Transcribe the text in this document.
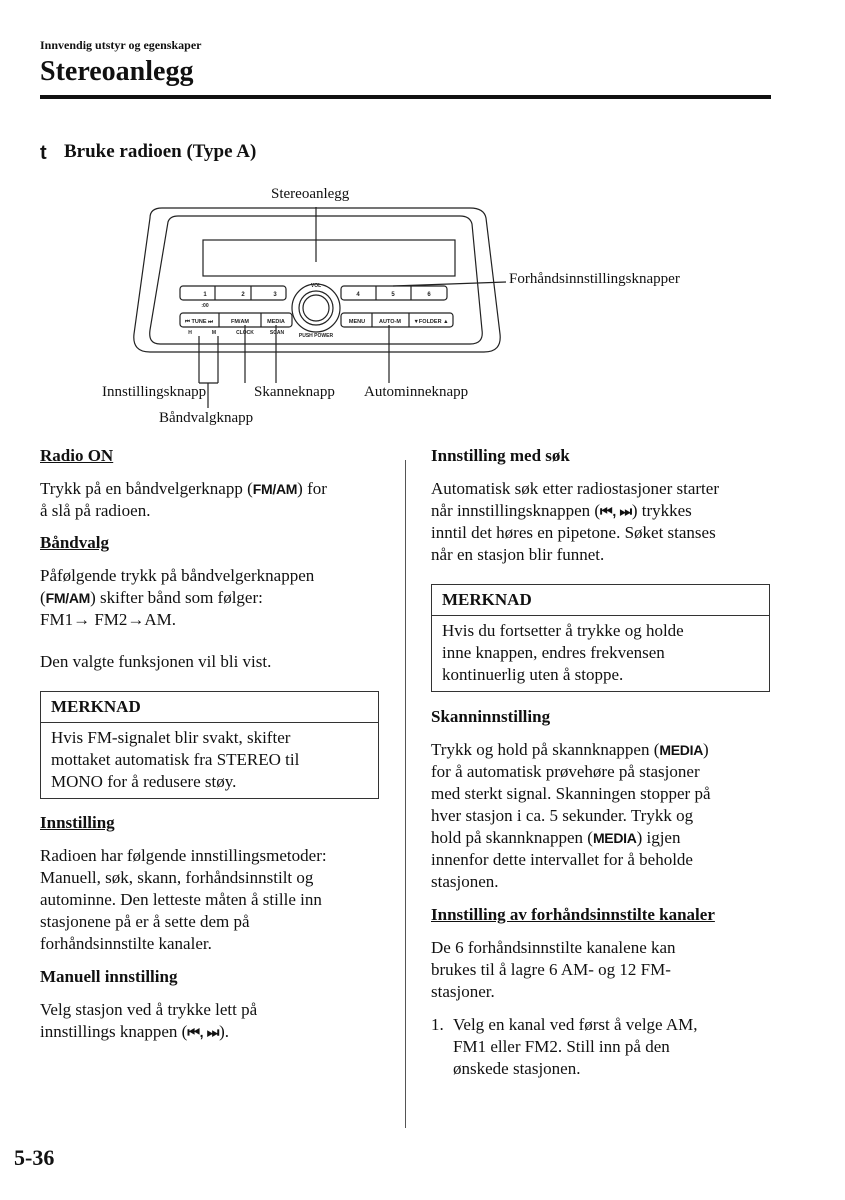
Innvendig utstyr og egenskaper
Stereoanlegg
t Bruke radioen (Type A)
Stereoanlegg
Forhåndsinnstillingsknapper
Innstillingsknapp	Skanneknapp Autominneknapp
Båndvalgknapp
1	2	3	4	5	6
:00
VOL
PUSH POWER
⏮ TUNE ⏭	FM/AM	MEDIA	MENU	AUTO-M ▼FOLDER ▲
H	M	CLOCK	SCAN

Radio ON

Trykk på en båndvelgerknapp (FM/AM) for
å slå på radioen.

Båndvalg

Påfølgende trykk på båndvelgerknappen
(FM/AM) skifter bånd som følger:
FM1→ FM2→AM.

Den valgte funksjonen vil bli vist.

MERKNAD
Hvis FM-signalet blir svakt, skifter
mottaket automatisk fra STEREO til
MONO for å redusere støy.

Innstilling

Radioen har følgende innstillingsmetoder:
Manuell, søk, skann, forhåndsinnstilt og
autominne. Den letteste måten å stille inn
stasjonene på er å sette dem på
forhåndsinnstilte kanaler.

Manuell innstilling

Velg stasjon ved å trykke lett på
innstillings knappen (⏮, ⏭).

Innstilling med søk

Automatisk søk etter radiostasjoner starter
når innstillingsknappen (⏮, ⏭) trykkes
inntil det høres en pipetone. Søket stanses
når en stasjon blir funnet.

MERKNAD
Hvis du fortsetter å trykke og holde
inne knappen, endres frekvensen
kontinuerlig uten å stoppe.

Skanninnstilling

Trykk og hold på skannknappen (MEDIA)
for å automatisk prøvehøre på stasjoner
med sterkt signal. Skanningen stopper på
hver stasjon i ca. 5 sekunder. Trykk og
hold på skannknappen (MEDIA) igjen
innenfor dette intervallet for å beholde
stasjonen.

Innstilling av forhåndsinnstilte kanaler

De 6 forhåndsinnstilte kanalene kan
brukes til å lagre 6 AM- og 12 FM-
stasjoner.

1. Velg en kanal ved først å velge AM,
FM1 eller FM2. Still inn på den
ønskede stasjonen.
5-36
